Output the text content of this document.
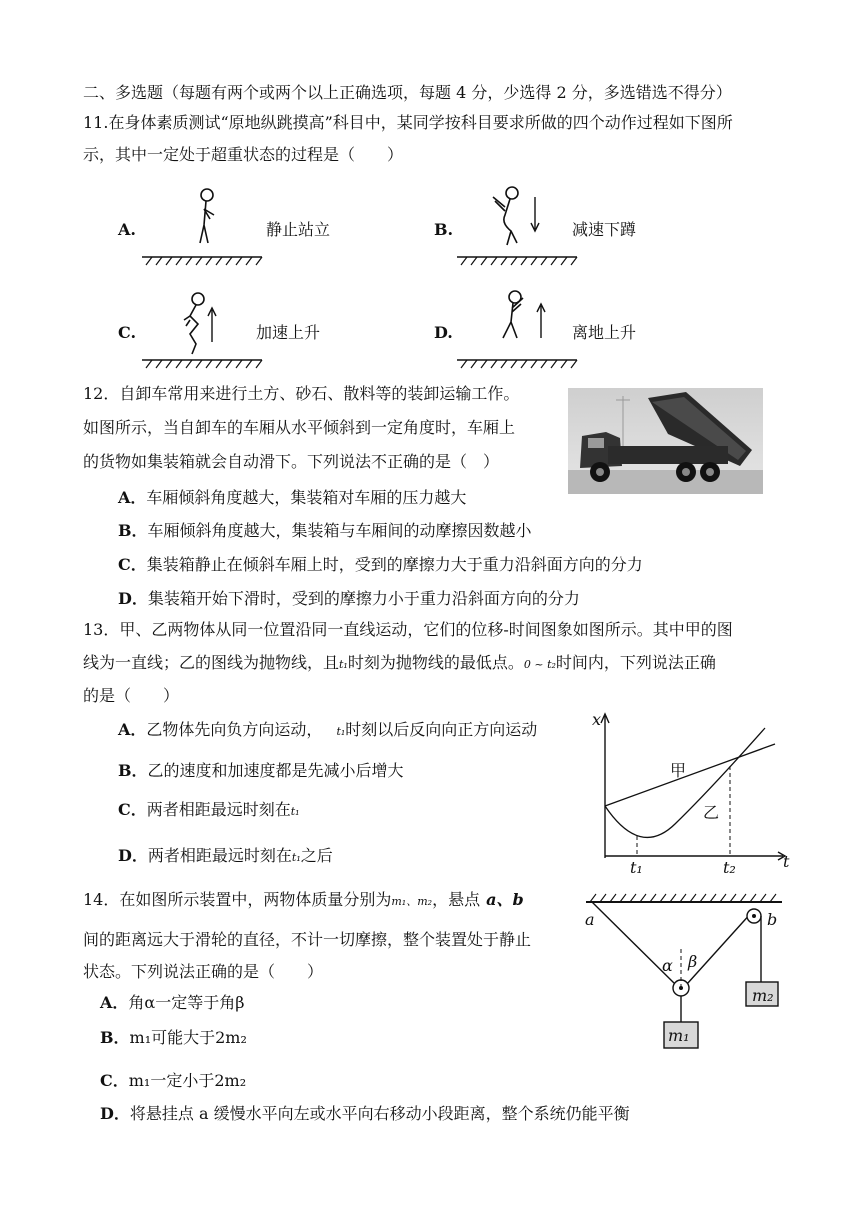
二、多选题（每题有两个或两个以上正确选项，每题 4 分，少选得 2 分，多选错选不得分）
11.在身体素质测试“原地纵跳摸高”科目中，某同学按科目要求所做的四个动作过程如下图所
示，其中一定处于超重状态的过程是（　　）
A.	静止站立	B.	减速下蹲
C.	加速上升	D.	离地上升
12．自卸车常用来进行土方、砂石、散料等的装卸运输工作。
如图所示，当自卸车的车厢从水平倾斜到一定角度时，车厢上
的货物如集装箱就会自动滑下。下列说法不正确的是（　）
A．车厢倾斜角度越大，集装箱对车厢的压力越大
B．车厢倾斜角度越大，集装箱与车厢间的动摩擦因数越小
C．集装箱静止在倾斜车厢上时，受到的摩擦力大于重力沿斜面方向的分力
D．集装箱开始下滑时，受到的摩擦力小于重力沿斜面方向的分力
13．甲、乙两物体从同一位置沿同一直线运动，它们的位移-时间图象如图所示。其中甲的图
线为一直线；乙的图线为抛物线，且t₁时刻为抛物线的最低点。0 ~ t₂时间内，下列说法正确
的是（　　）
A．乙物体先向负方向运动， t₁时刻以后反向向正方向运动
B．乙的速度和加速度都是先减小后增大
C．两者相距最远时刻在t₁
D．两者相距最远时刻在t₁之后
x
t
甲
乙
t₁	t₂
14．在如图所示装置中，两物体质量分别为m₁、m₂，悬点 a、b
间的距离远大于滑轮的直径，不计一切摩擦，整个装置处于静止
状态。下列说法正确的是（　　）
A．角α一定等于角β
B．m₁可能大于2m₂
C．m₁一定小于2m₂
D．将悬挂点 a 缓慢水平向左或水平向右移动小段距离，整个系统仍能平衡
a	b
α β
m₁
m₂
